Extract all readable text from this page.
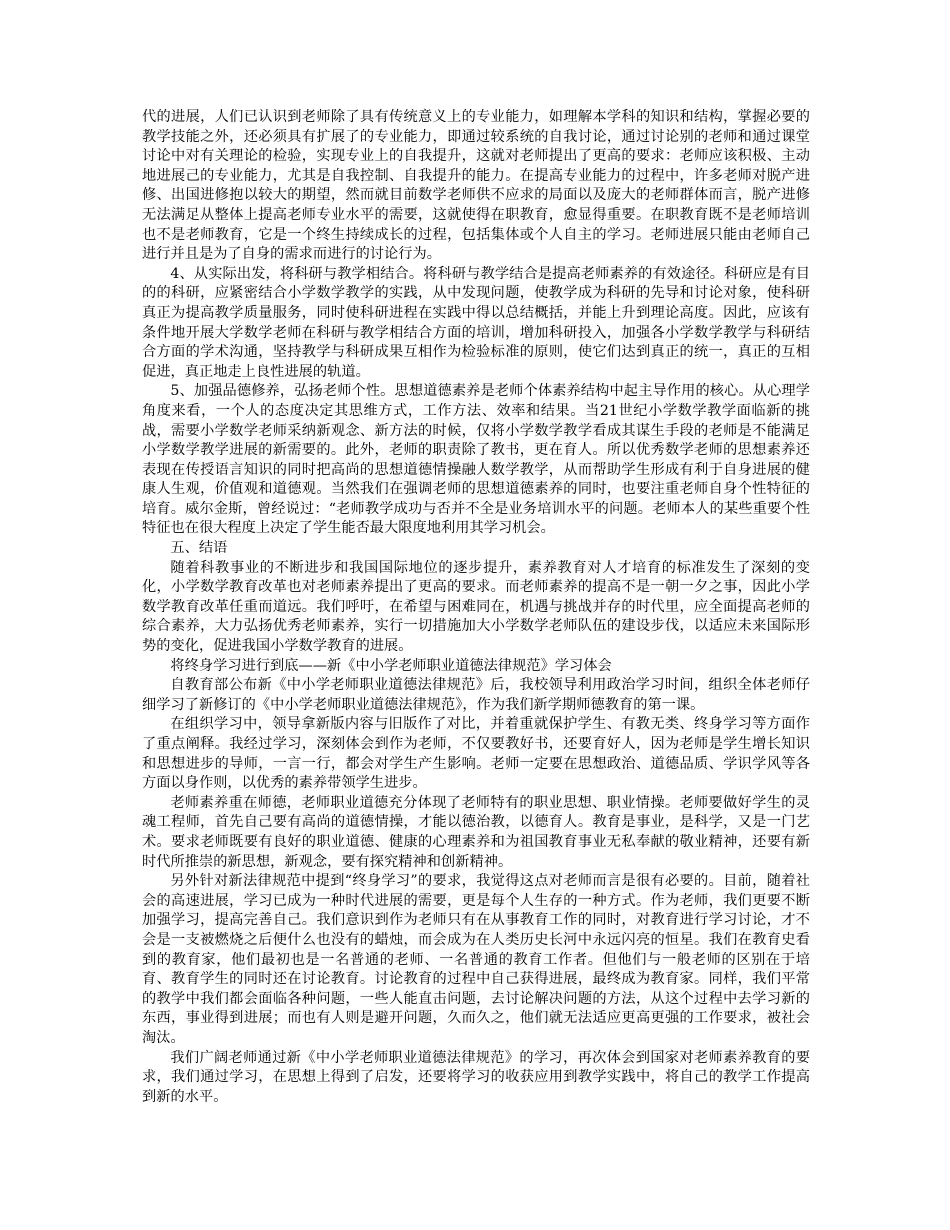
代的进展，人们已认识到老师除了具有传统意义上的专业能力，如理解本学科的知识和结构，掌握必要的教学技能之外，还必须具有扩展了的专业能力，即通过较系统的自我讨论，通过讨论别的老师和通过课堂讨论中对有关理论的检验，实现专业上的自我提升，这就对老师提出了更高的要求：老师应该积极、主动地进展己的专业能力，尤其是自我控制、自我提升的能力。在提高专业能力的过程中，许多老师对脱产进修、出国进修抱以较大的期望，然而就目前数学老师供不应求的局面以及庞大的老师群体而言，脱产进修无法满足从整体上提高老师专业水平的需要，这就使得在职教育，愈显得重要。在职教育既不是老师培训也不是老师教育，它是一个终生持续成长的过程，包括集体或个人自主的学习。老师进展只能由老师自己进行并且是为了自身的需求而进行的讨论行为。

4、从实际出发，将科研与教学相结合。将科研与教学结合是提高老师素养的有效途径。科研应是有目的的科研，应紧密结合小学数学教学的实践，从中发现问题，使教学成为科研的先导和讨论对象，使科研真正为提高教学质量服务，同时使科研进程在实践中得以总结概括，并能上升到理论高度。因此，应该有条件地开展大学数学老师在科研与教学相结合方面的培训，增加科研投入，加强各小学数学教学与科研结合方面的学术沟通，坚持教学与科研成果互相作为检验标准的原则，使它们达到真正的统一，真正的互相促进，真正地走上良性进展的轨道。

5、加强品德修养，弘扬老师个性。思想道德素养是老师个体素养结构中起主导作用的核心。从心理学角度来看，一个人的态度决定其思维方式，工作方法、效率和结果。当21世纪小学数学教学面临新的挑战，需要小学数学老师采纳新观念、新方法的时候，仅将小学数学教学看成其谋生手段的老师是不能满足小学数学教学进展的新需要的。此外，老师的职责除了教书，更在育人。所以优秀数学老师的思想素养还表现在传授语言知识的同时把高尚的思想道德情操融人数学教学，从而帮助学生形成有利于自身进展的健康人生观，价值观和道德观。当然我们在强调老师的思想道德素养的同时，也要注重老师自身个性特征的培育。威尔金斯，曾经说过：“老师教学成功与否并不全是业务培训水平的问题。老师本人的某些重要个性特征也在很大程度上决定了学生能否最大限度地利用其学习机会。

五、结语

随着科教事业的不断进步和我国国际地位的逐步提升，素养教育对人才培育的标准发生了深刻的变化，小学数学教育改革也对老师素养提出了更高的要求。而老师素养的提高不是一朝一夕之事，因此小学数学教育改革任重而道远。我们呼吁，在希望与困难同在，机遇与挑战并存的时代里，应全面提高老师的综合素养，大力弘扬优秀老师素养，实行一切措施加大小学数学老师队伍的建设步伐，以适应未来国际形势的变化，促进我国小学数学教育的进展。

将终身学习进行到底——新《中小学老师职业道德法律规范》学习体会

自教育部公布新《中小学老师职业道德法律规范》后，我校领导利用政治学习时间，组织全体老师仔细学习了新修订的《中小学老师职业道德法律规范》，作为我们新学期师德教育的第一课。

在组织学习中，领导拿新版内容与旧版作了对比，并着重就保护学生、有教无类、终身学习等方面作了重点阐释。我经过学习，深刻体会到作为老师，不仅要教好书，还要育好人，因为老师是学生增长知识和思想进步的导师，一言一行，都会对学生产生影响。老师一定要在思想政治、道德品质、学识学风等各方面以身作则，以优秀的素养带领学生进步。

老师素养重在师德，老师职业道德充分体现了老师特有的职业思想、职业情操。老师要做好学生的灵魂工程师，首先自己要有高尚的道德情操，才能以德治教，以德育人。教育是事业，是科学，又是一门艺术。要求老师既要有良好的职业道德、健康的心理素养和为祖国教育事业无私奉献的敬业精神，还要有新时代所推崇的新思想，新观念，要有探究精神和创新精神。

另外针对新法律规范中提到“终身学习”的要求，我觉得这点对老师而言是很有必要的。目前，随着社会的高速进展，学习已成为一种时代进展的需要，更是每个人生存的一种方式。作为老师，我们更要不断加强学习，提高完善自己。我们意识到作为老师只有在从事教育工作的同时，对教育进行学习讨论，才不会是一支被燃烧之后便什么也没有的蜡烛，而会成为在人类历史长河中永远闪亮的恒星。我们在教育史看到的教育家，他们最初也是一名普通的老师、一名普通的教育工作者。但他们与一般老师的区别在于培育、教育学生的同时还在讨论教育。讨论教育的过程中自己获得进展，最终成为教育家。同样，我们平常的教学中我们都会面临各种问题，一些人能直击问题，去讨论解决问题的方法，从这个过程中去学习新的东西，事业得到进展；而也有人则是避开问题，久而久之，他们就无法适应更高更强的工作要求，被社会淘汰。

我们广阔老师通过新《中小学老师职业道德法律规范》的学习，再次体会到国家对老师素养教育的要求，我们通过学习，在思想上得到了启发，还要将学习的收获应用到教学实践中，将自己的教学工作提高到新的水平。
